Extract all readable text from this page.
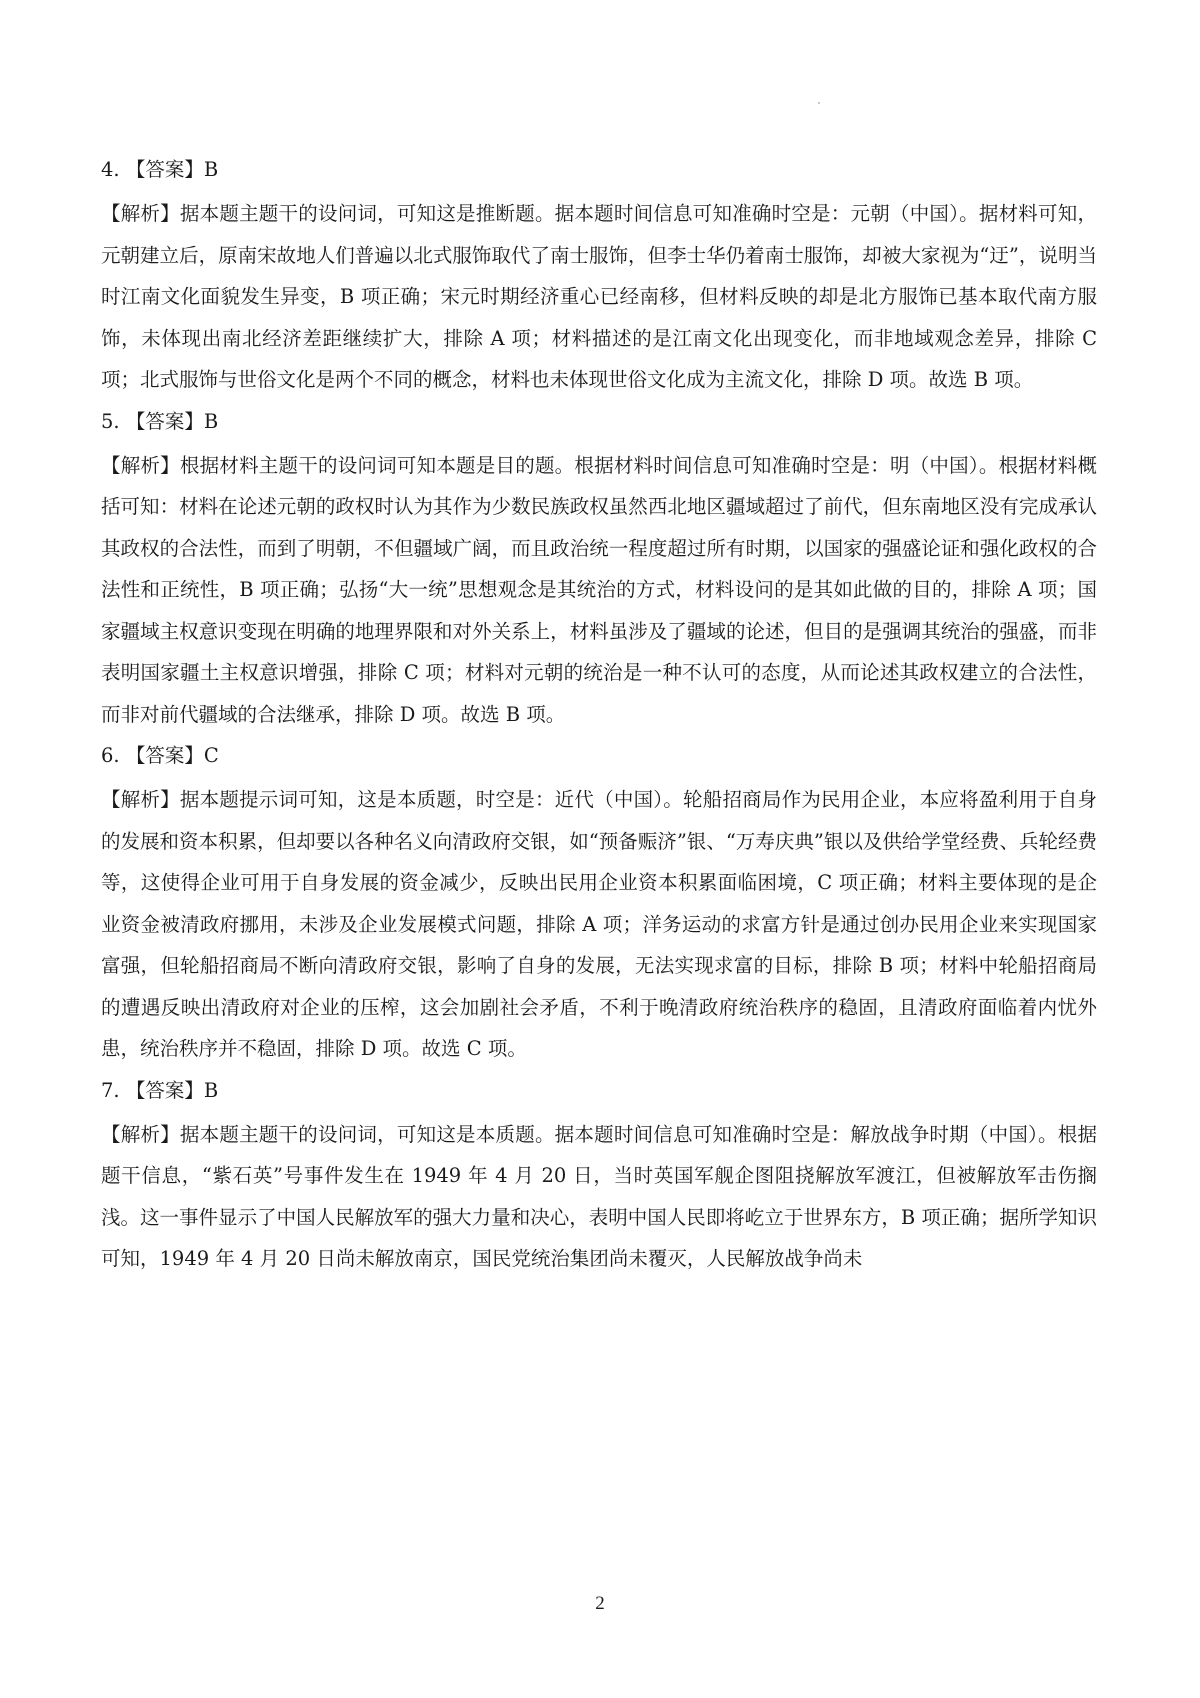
4. 【答案】B

【解析】据本题主题干的设问词，可知这是推断题。据本题时间信息可知准确时空是：元朝（中国）。据材料可知，元朝建立后，原南宋故地人们普遍以北式服饰取代了南士服饰，但李士华仍着南士服饰，却被大家视为“迂”，说明当时江南文化面貌发生异变，B 项正确；宋元时期经济重心已经南移，但材料反映的却是北方服饰已基本取代南方服饰，未体现出南北经济差距继续扩大，排除 A 项；材料描述的是江南文化出现变化，而非地域观念差异，排除 C 项；北式服饰与世俗文化是两个不同的概念，材料也未体现世俗文化成为主流文化，排除 D 项。故选 B 项。

5. 【答案】B

【解析】根据材料主题干的设问词可知本题是目的题。根据材料时间信息可知准确时空是：明（中国）。根据材料概括可知：材料在论述元朝的政权时认为其作为少数民族政权虽然西北地区疆域超过了前代，但东南地区没有完成承认其政权的合法性，而到了明朝，不但疆域广阔，而且政治统一程度超过所有时期，以国家的强盛论证和强化政权的合法性和正统性，B 项正确；弘扬“大一统”思想观念是其统治的方式，材料设问的是其如此做的目的，排除 A 项；国家疆域主权意识变现在明确的地理界限和对外关系上，材料虽涉及了疆域的论述，但目的是强调其统治的强盛，而非表明国家疆土主权意识增强，排除 C 项；材料对元朝的统治是一种不认可的态度，从而论述其政权建立的合法性，而非对前代疆域的合法继承，排除 D 项。故选 B 项。

6. 【答案】C

【解析】据本题提示词可知，这是本质题，时空是：近代（中国）。轮船招商局作为民用企业，本应将盈利用于自身的发展和资本积累，但却要以各种名义向清政府交银，如“预备赈济”银、“万寿庆典”银以及供给学堂经费、兵轮经费等，这使得企业可用于自身发展的资金减少，反映出民用企业资本积累面临困境，C 项正确；材料主要体现的是企业资金被清政府挪用，未涉及企业发展模式问题，排除 A 项；洋务运动的求富方针是通过创办民用企业来实现国家富强，但轮船招商局不断向清政府交银，影响了自身的发展，无法实现求富的目标，排除 B 项；材料中轮船招商局的遭遇反映出清政府对企业的压榨，这会加剧社会矛盾，不利于晚清政府统治秩序的稳固，且清政府面临着内忧外患，统治秩序并不稳固，排除 D 项。故选 C 项。

7. 【答案】B

【解析】据本题主题干的设问词，可知这是本质题。据本题时间信息可知准确时空是：解放战争时期（中国）。根据题干信息，“紫石英”号事件发生在 1949 年 4 月 20 日，当时英国军舰企图阻挠解放军渡江，但被解放军击伤搁浅。这一事件显示了中国人民解放军的强大力量和决心，表明中国人民即将屹立于世界东方，B 项正确；据所学知识可知，1949 年 4 月 20 日尚未解放南京，国民党统治集团尚未覆灭，人民解放战争尚未

2
